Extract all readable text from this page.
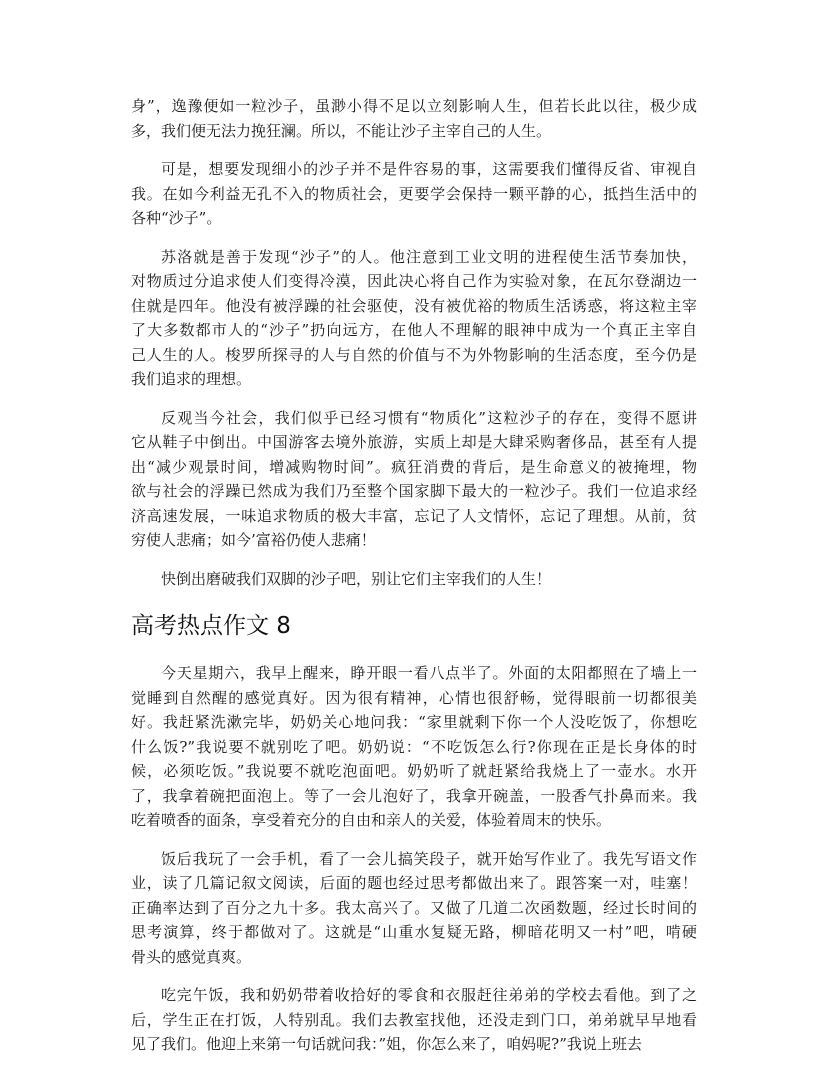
身”，逸豫便如一粒沙子，虽渺小得不足以立刻影响人生，但若长此以往，极少成
多，我们便无法力挽狂澜。所以，不能让沙子主宰自己的人生。
可是，想要发现细小的沙子并不是件容易的事，这需要我们懂得反省、审视自
我。在如今利益无孔不入的物质社会，更要学会保持一颗平静的心，抵挡生活中的
各种“沙子”。
苏洛就是善于发现“沙子”的人。他注意到工业文明的进程使生活节奏加快，
对物质过分追求使人们变得冷漠，因此决心将自己作为实验对象，在瓦尔登湖边一
住就是四年。他没有被浮躁的社会驱使，没有被优裕的物质生活诱惑，将这粒主宰
了大多数都市人的“沙子”扔向远方，在他人不理解的眼神中成为一个真正主宰自
己人生的人。梭罗所探寻的人与自然的价值与不为外物影响的生活态度，至今仍是
我们追求的理想。
反观当今社会，我们似乎已经习惯有“物质化”这粒沙子的存在，变得不愿讲
它从鞋子中倒出。中国游客去境外旅游，实质上却是大肆采购奢侈品，甚至有人提
出“减少观景时间，增减购物时间”。疯狂消费的背后，是生命意义的被掩埋，物
欲与社会的浮躁已然成为我们乃至整个国家脚下最大的一粒沙子。我们一位追求经
济高速发展，一味追求物质的极大丰富，忘记了人文情怀，忘记了理想。从前，贫
穷使人悲痛；如今’富裕仍使人悲痛！
快倒出磨破我们双脚的沙子吧，别让它们主宰我们的人生！
高考热点作文 8
今天星期六，我早上醒来，睁开眼一看八点半了。外面的太阳都照在了墙上一
觉睡到自然醒的感觉真好。因为很有精神，心情也很舒畅，觉得眼前一切都很美
好。我赶紧洗漱完毕，奶奶关心地问我：“家里就剩下你一个人没吃饭了，你想吃
什么饭?”我说要不就别吃了吧。奶奶说：“不吃饭怎么行?你现在正是长身体的时
候，必须吃饭。”我说要不就吃泡面吧。奶奶听了就赶紧给我烧上了一壶水。水开
了，我拿着碗把面泡上。等了一会儿泡好了，我拿开碗盖，一股香气扑鼻而来。我
吃着喷香的面条，享受着充分的自由和亲人的关爱，体验着周末的快乐。
饭后我玩了一会手机，看了一会儿搞笑段子，就开始写作业了。我先写语文作
业，读了几篇记叙文阅读，后面的题也经过思考都做出来了。跟答案一对，哇塞！
正确率达到了百分之九十多。我太高兴了。又做了几道二次函数题，经过长时间的
思考演算，终于都做对了。这就是“山重水复疑无路，柳暗花明又一村”吧，啃硬
骨头的感觉真爽。
吃完午饭，我和奶奶带着收拾好的零食和衣服赶往弟弟的学校去看他。到了之
后，学生正在打饭，人特别乱。我们去教室找他，还没走到门口，弟弟就早早地看
见了我们。他迎上来第一句话就问我：”姐，你怎么来了，咱妈呢?”我说上班去
